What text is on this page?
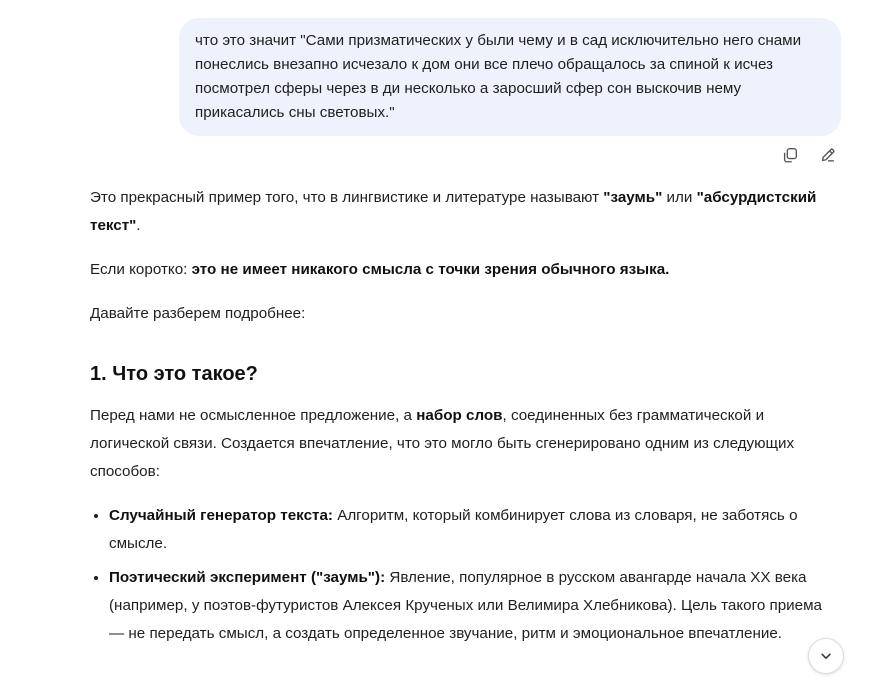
что это значит "Сами призматических у были чему и в сад исключительно него снами понеслись внезапно исчезало к дом они все плечо обращалось за спиной к исчез посмотрел сферы через в ди несколько а заросший сфер сон выскочив нему прикасались сны световых."

Это прекрасный пример того, что в лингвистике и литературе называют "заумь" или "абсурдистский текст".

Если коротко: это не имеет никакого смысла с точки зрения обычного языка.

Давайте разберем подробнее:

1. Что это такое?

Перед нами не осмысленное предложение, а набор слов, соединенных без грамматической и логической связи. Создается впечатление, что это могло быть сгенерировано одним из следующих способов:

• Случайный генератор текста: Алгоритм, который комбинирует слова из словаря, не заботясь о смысле.
• Поэтический эксперимент ("заумь"): Явление, популярное в русском авангарде начала XX века (например, у поэтов-футуристов Алексея Крученых или Велимира Хлебникова). Цель такого приема — не передать смысл, а создать определенное звучание, ритм и эмоциональное впечатление.
